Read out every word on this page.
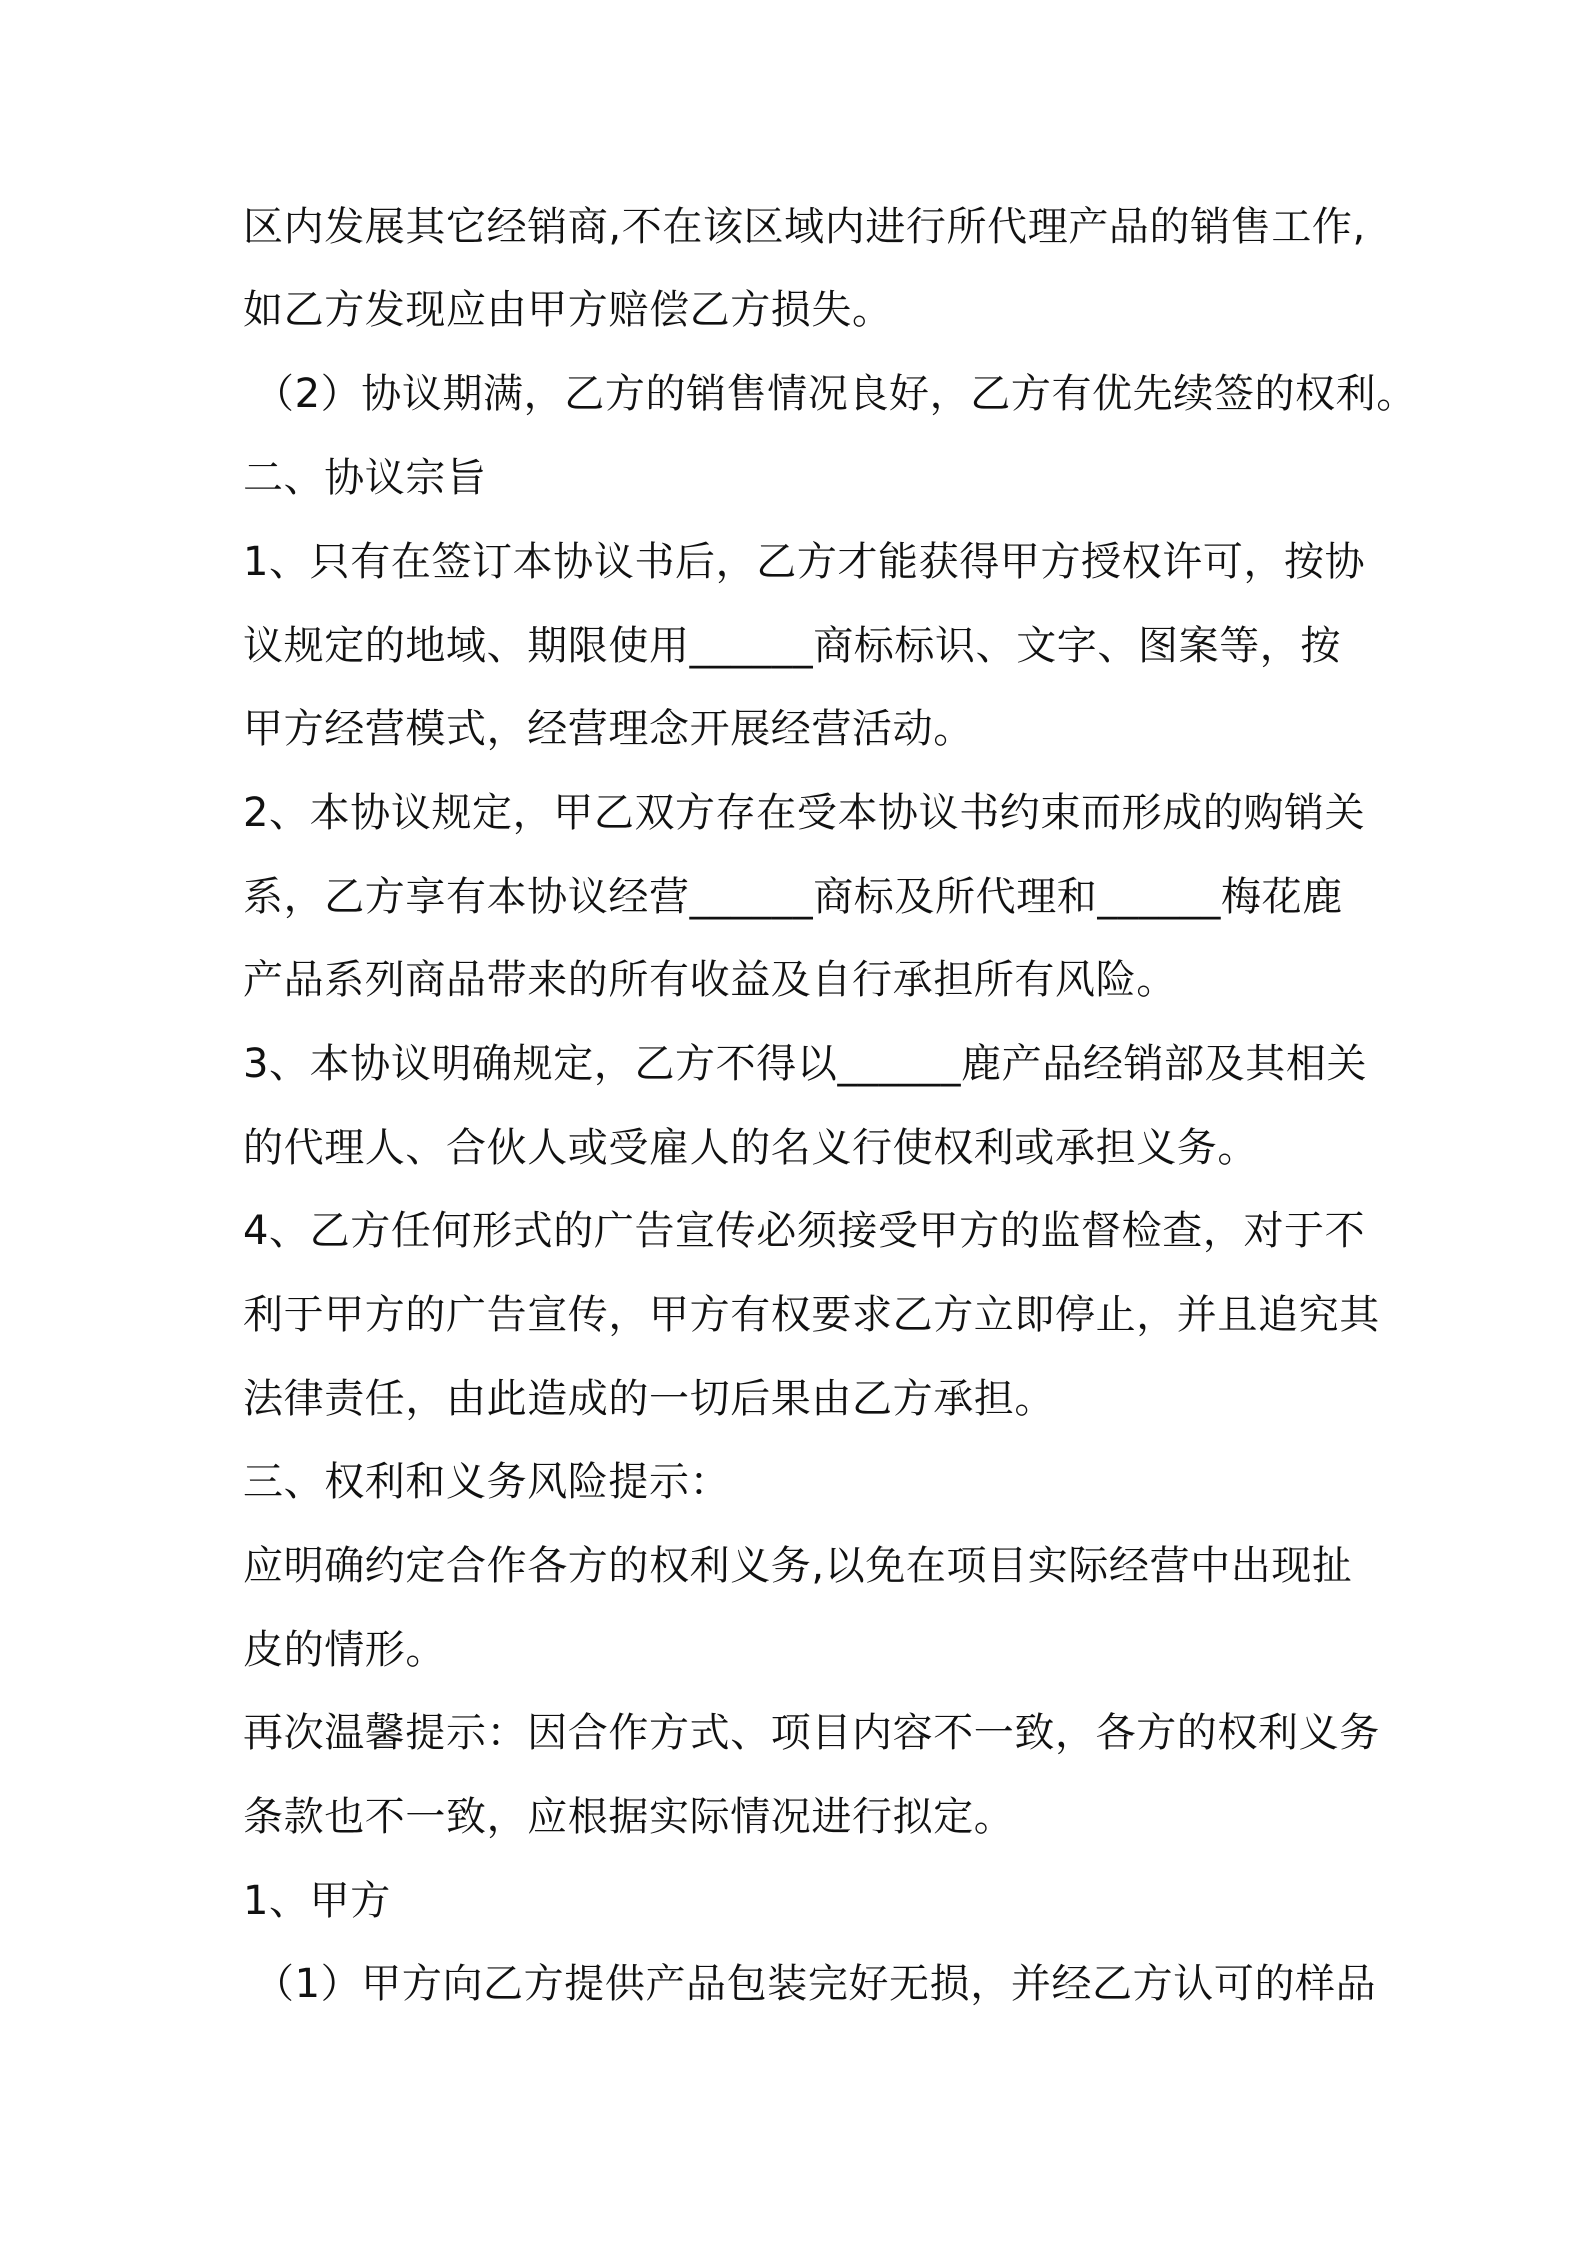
区内发展其它经销商,不在该区域内进行所代理产品的销售工作,
如乙方发现应由甲方赔偿乙方损失。
（2）协议期满，乙方的销售情况良好，乙方有优先续签的权利。
二、协议宗旨
1、只有在签订本协议书后，乙方才能获得甲方授权许可，按协
议规定的地域、期限使用______商标标识、文字、图案等，按
甲方经营模式，经营理念开展经营活动。
2、本协议规定，甲乙双方存在受本协议书约束而形成的购销关
系，乙方享有本协议经营______商标及所代理和______梅花鹿
产品系列商品带来的所有收益及自行承担所有风险。
3、本协议明确规定，乙方不得以______鹿产品经销部及其相关
的代理人、合伙人或受雇人的名义行使权利或承担义务。
4、乙方任何形式的广告宣传必须接受甲方的监督检查，对于不
利于甲方的广告宣传，甲方有权要求乙方立即停止，并且追究其
法律责任，由此造成的一切后果由乙方承担。
三、权利和义务风险提示：
应明确约定合作各方的权利义务,以免在项目实际经营中出现扯
皮的情形。
再次温馨提示：因合作方式、项目内容不一致，各方的权利义务
条款也不一致，应根据实际情况进行拟定。
1、甲方
（1）甲方向乙方提供产品包装完好无损，并经乙方认可的样品
